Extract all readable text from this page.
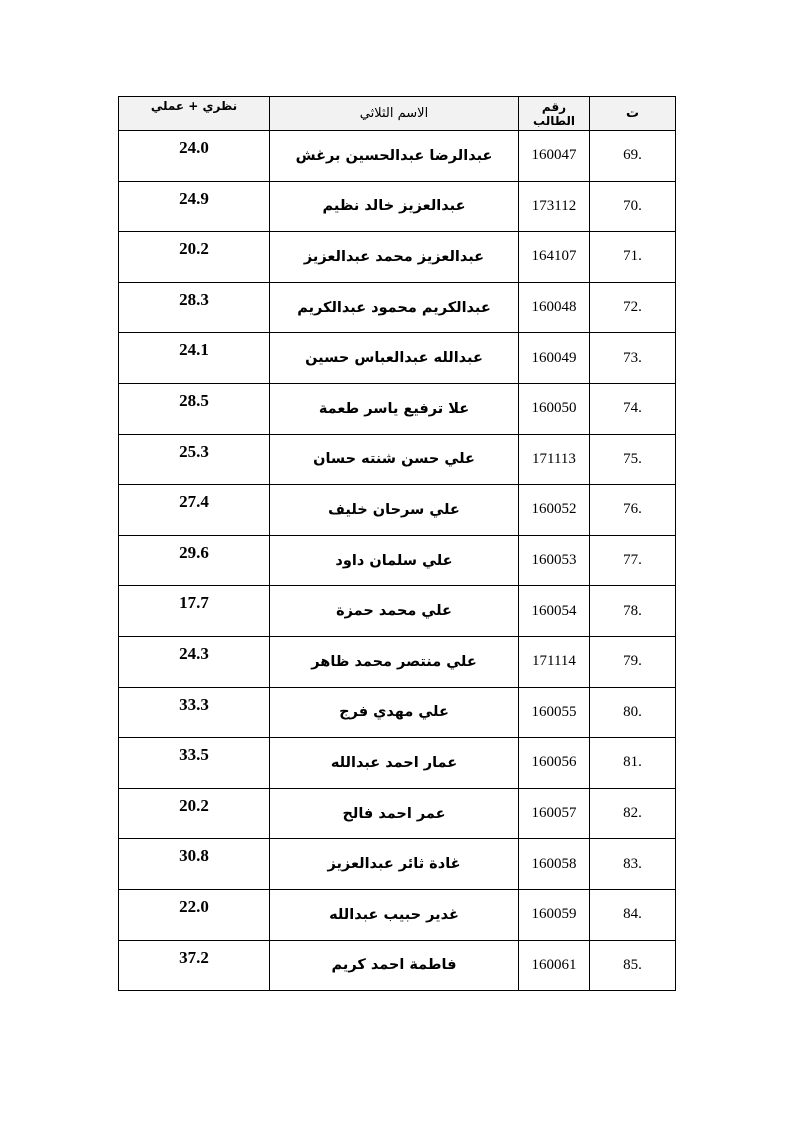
نظري + عملي	الاسم الثلاثي	رقم الطالب	ت
24.0	عبدالرضا عبدالحسين برغش	160047	69.
24.9	عبدالعزيز خالد نظيم	173112	70.
20.2	عبدالعزيز محمد عبدالعزيز	164107	71.
28.3	عبدالكريم محمود عبدالكريم	160048	72.
24.1	عبدالله عبدالعباس حسين	160049	73.
28.5	علا ترفيع ياسر طعمة	160050	74.
25.3	علي حسن شنته حسان	171113	75.
27.4	علي سرحان خليف	160052	76.
29.6	علي سلمان داود	160053	77.
17.7	علي محمد حمزة	160054	78.
24.3	علي منتصر محمد ظاهر	171114	79.
33.3	علي مهدي فرج	160055	80.
33.5	عمار احمد عبدالله	160056	81.
20.2	عمر احمد فالح	160057	82.
30.8	غادة ثائر عبدالعزيز	160058	83.
22.0	غدير حبيب عبدالله	160059	84.
37.2	فاطمة احمد كريم	160061	85.
